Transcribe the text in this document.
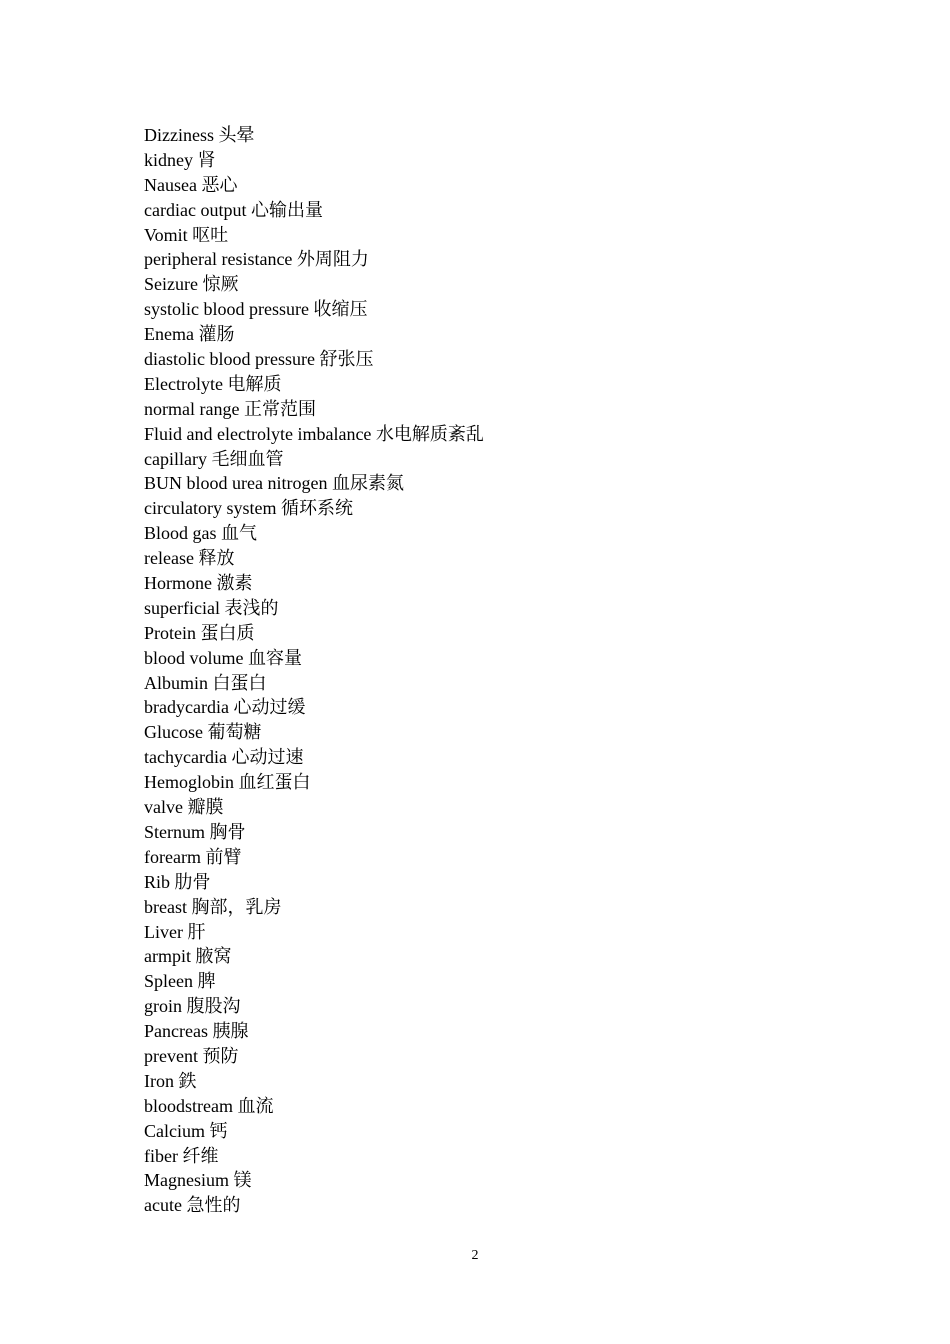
Dizziness 头晕
kidney 肾
Nausea 恶心
cardiac output 心输出量
Vomit 呕吐
peripheral resistance 外周阻力
Seizure 惊厥
systolic blood pressure 收缩压
Enema 灌肠
diastolic blood pressure 舒张压
Electrolyte 电解质
normal range 正常范围
Fluid and electrolyte imbalance 水电解质紊乱
capillary 毛细血管
BUN blood urea nitrogen 血尿素氮
circulatory system 循环系统
Blood gas 血气
release 释放
Hormone 激素
superficial 表浅的
Protein 蛋白质
blood volume 血容量
Albumin 白蛋白
bradycardia 心动过缓
Glucose 葡萄糖
tachycardia 心动过速
Hemoglobin 血红蛋白
valve 瓣膜
Sternum 胸骨
forearm 前臂
Rib 肋骨
breast 胸部，乳房
Liver 肝
armpit 腋窝
Spleen 脾
groin 腹股沟
Pancreas 胰腺
prevent 预防
Iron 鉄
bloodstream 血流
Calcium 钙
fiber 纤维
Magnesium 镁
acute 急性的
2
